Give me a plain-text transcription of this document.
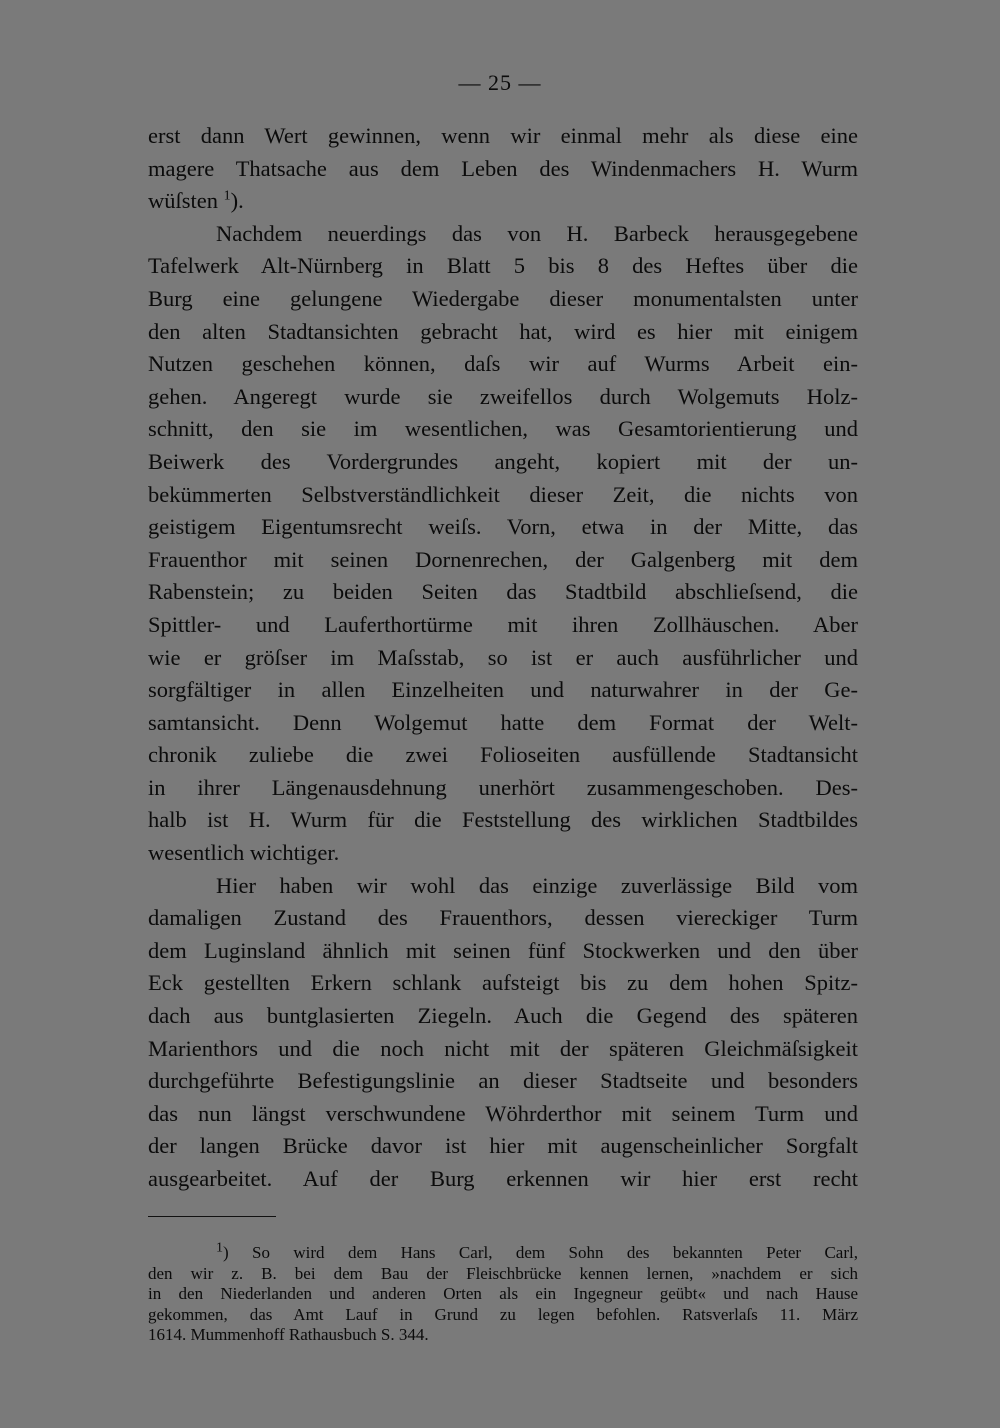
— 25 —
erst dann Wert gewinnen, wenn wir einmal mehr als diese eine
magere Thatsache aus dem Leben des Windenmachers H. Wurm
wüſsten $^1$).
Nachdem neuerdings das von H. Barbeck herausgegebene
Tafelwerk Alt-Nürnberg in Blatt 5 bis 8 des Heftes über die
Burg eine gelungene Wiedergabe dieser monumentalsten unter
den alten Stadtansichten gebracht hat, wird es hier mit einigem
Nutzen geschehen können, daſs wir auf Wurms Arbeit ein-
gehen. Angeregt wurde sie zweifellos durch Wolgemuts Holz-
schnitt, den sie im wesentlichen, was Gesamtorientierung und
Beiwerk des Vordergrundes angeht, kopiert mit der un-
bekümmerten Selbstverständlichkeit dieser Zeit, die nichts von
geistigem Eigentumsrecht weiſs. Vorn, etwa in der Mitte, das
Frauenthor mit seinen Dornenrechen, der Galgenberg mit dem
Rabenstein; zu beiden Seiten das Stadtbild abschlieſsend, die
Spittler- und Lauferthortürme mit ihren Zollhäuschen. Aber
wie er gröſser im Maſsstab, so ist er auch ausführlicher und
sorgfältiger in allen Einzelheiten und naturwahrer in der Ge-
samtansicht. Denn Wolgemut hatte dem Format der Welt-
chronik zuliebe die zwei Folioseiten ausfüllende Stadtansicht
in ihrer Längenausdehnung unerhört zusammengeschoben. Des-
halb ist H. Wurm für die Feststellung des wirklichen Stadtbildes
wesentlich wichtiger.
Hier haben wir wohl das einzige zuverlässige Bild vom
damaligen Zustand des Frauenthors, dessen viereckiger Turm
dem Luginsland ähnlich mit seinen fünf Stockwerken und den über
Eck gestellten Erkern schlank aufsteigt bis zu dem hohen Spitz-
dach aus buntglasierten Ziegeln. Auch die Gegend des späteren
Marienthors und die noch nicht mit der späteren Gleichmäſsigkeit
durchgeführte Befestigungslinie an dieser Stadtseite und besonders
das nun längst verschwundene Wöhrderthor mit seinem Turm und
der langen Brücke davor ist hier mit augenscheinlicher Sorgfalt
ausgearbeitet. Auf der Burg erkennen wir hier erst recht
$^1$) So wird dem Hans Carl, dem Sohn des bekannten Peter Carl,
den wir z. B. bei dem Bau der Fleischbrücke kennen lernen, »nachdem er sich
in den Niederlanden und anderen Orten als ein Ingegneur geübt« und nach Hause
gekommen, das Amt Lauf in Grund zu legen befohlen. Ratsverlaſs 11. März
1614. Mummenhoff Rathausbuch S. 344.
